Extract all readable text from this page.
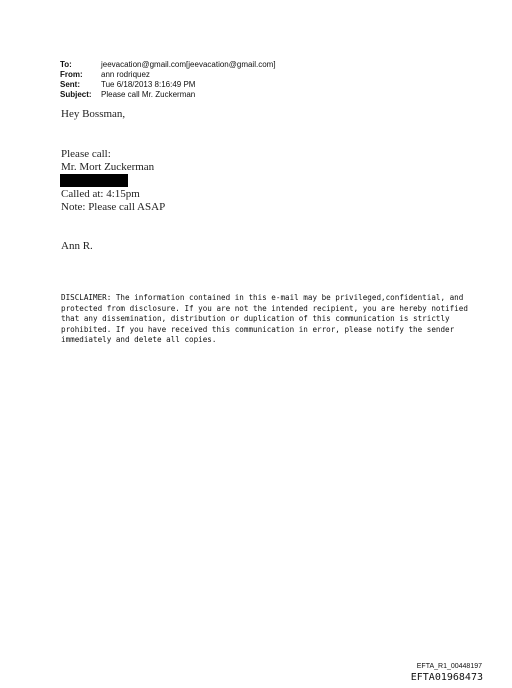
To:	jeevacation@gmail.com[jeevacation@gmail.com]
From:	ann rodriquez
Sent:	Tue 6/18/2013 8:16:49 PM
Subject:	Please call Mr. Zuckerman
Hey Bossman,
Please call:
Mr. Mort Zuckerman
Called at: 4:15pm
Note: Please call ASAP
Ann R.
DISCLAIMER: The information contained in this e-mail may be privileged,confidential, and
protected from disclosure. If you are not the intended recipient, you are hereby notified
that any dissemination, distribution or duplication of this communication is strictly
prohibited. If you have received this communication in error, please notify the sender
immediately and delete all copies.
EFTA_R1_00448197
EFTA01968473
